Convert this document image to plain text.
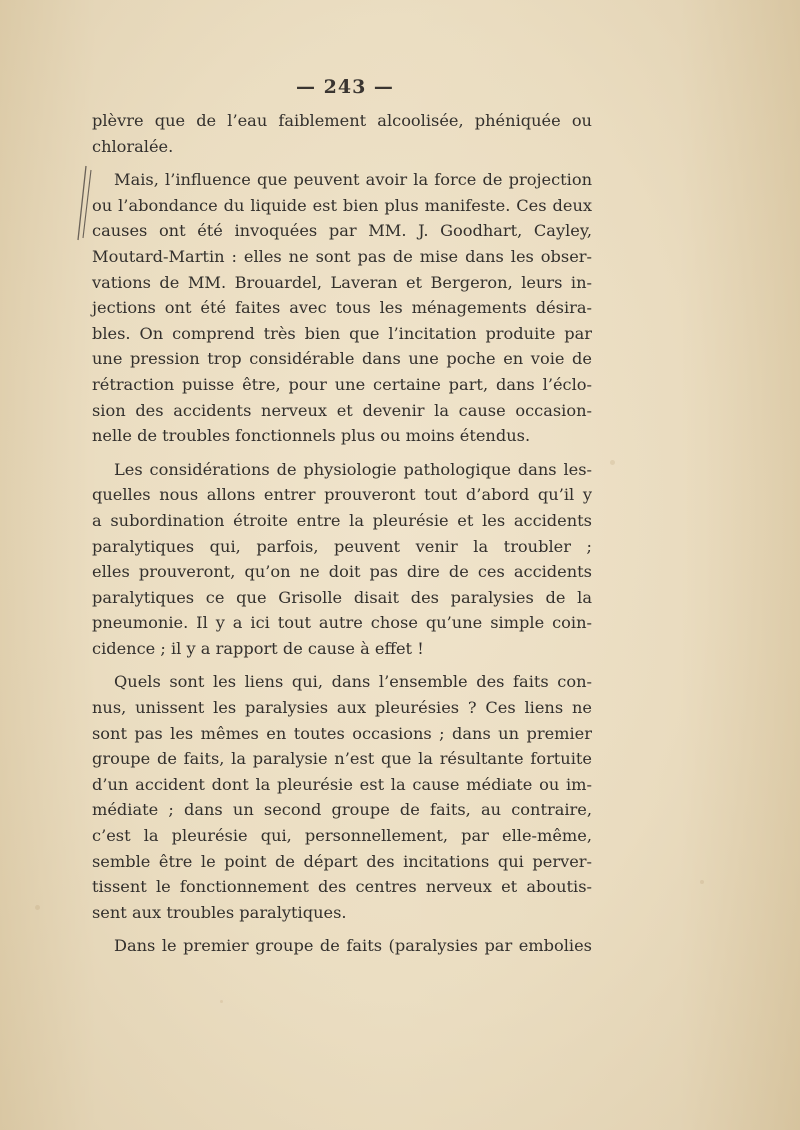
— 243 —
plèvre que de l’eau faiblement alcoolisée, phéniquée ou
chloralée.
Mais, l’influence que peuvent avoir la force de projection
ou l’abondance du liquide est bien plus manifeste. Ces deux
causes ont été invoquées par MM. J. Goodhart, Cayley,
Moutard-Martin : elles ne sont pas de mise dans les obser-
vations de MM. Brouardel, Laveran et Bergeron, leurs in-
jections ont été faites avec tous les ménagements désira-
bles. On comprend très bien que l’incitation produite par
une pression trop considérable dans une poche en voie de
rétraction puisse être, pour une certaine part, dans l’éclo-
sion des accidents nerveux et devenir la cause occasion-
nelle de troubles fonctionnels plus ou moins étendus.
Les considérations de physiologie pathologique dans les-
quelles nous allons entrer prouveront tout d’abord qu’il y
a subordination étroite entre la pleurésie et les accidents
paralytiques qui, parfois, peuvent venir la troubler ;
elles prouveront, qu’on ne doit pas dire de ces accidents
paralytiques ce que Grisolle disait des paralysies de la
pneumonie. Il y a ici tout autre chose qu’une simple coin-
cidence ; il y a rapport de cause à effet !
Quels sont les liens qui, dans l’ensemble des faits con-
nus, unissent les paralysies aux pleurésies ? Ces liens ne
sont pas les mêmes en toutes occasions ; dans un premier
groupe de faits, la paralysie n’est que la résultante fortuite
d’un accident dont la pleurésie est la cause médiate ou im-
médiate ; dans un second groupe de faits, au contraire,
c’est la pleurésie qui, personnellement, par elle-même,
semble être le point de départ des incitations qui perver-
tissent le fonctionnement des centres nerveux et aboutis-
sent aux troubles paralytiques.
Dans le premier groupe de faits (paralysies par embolies
